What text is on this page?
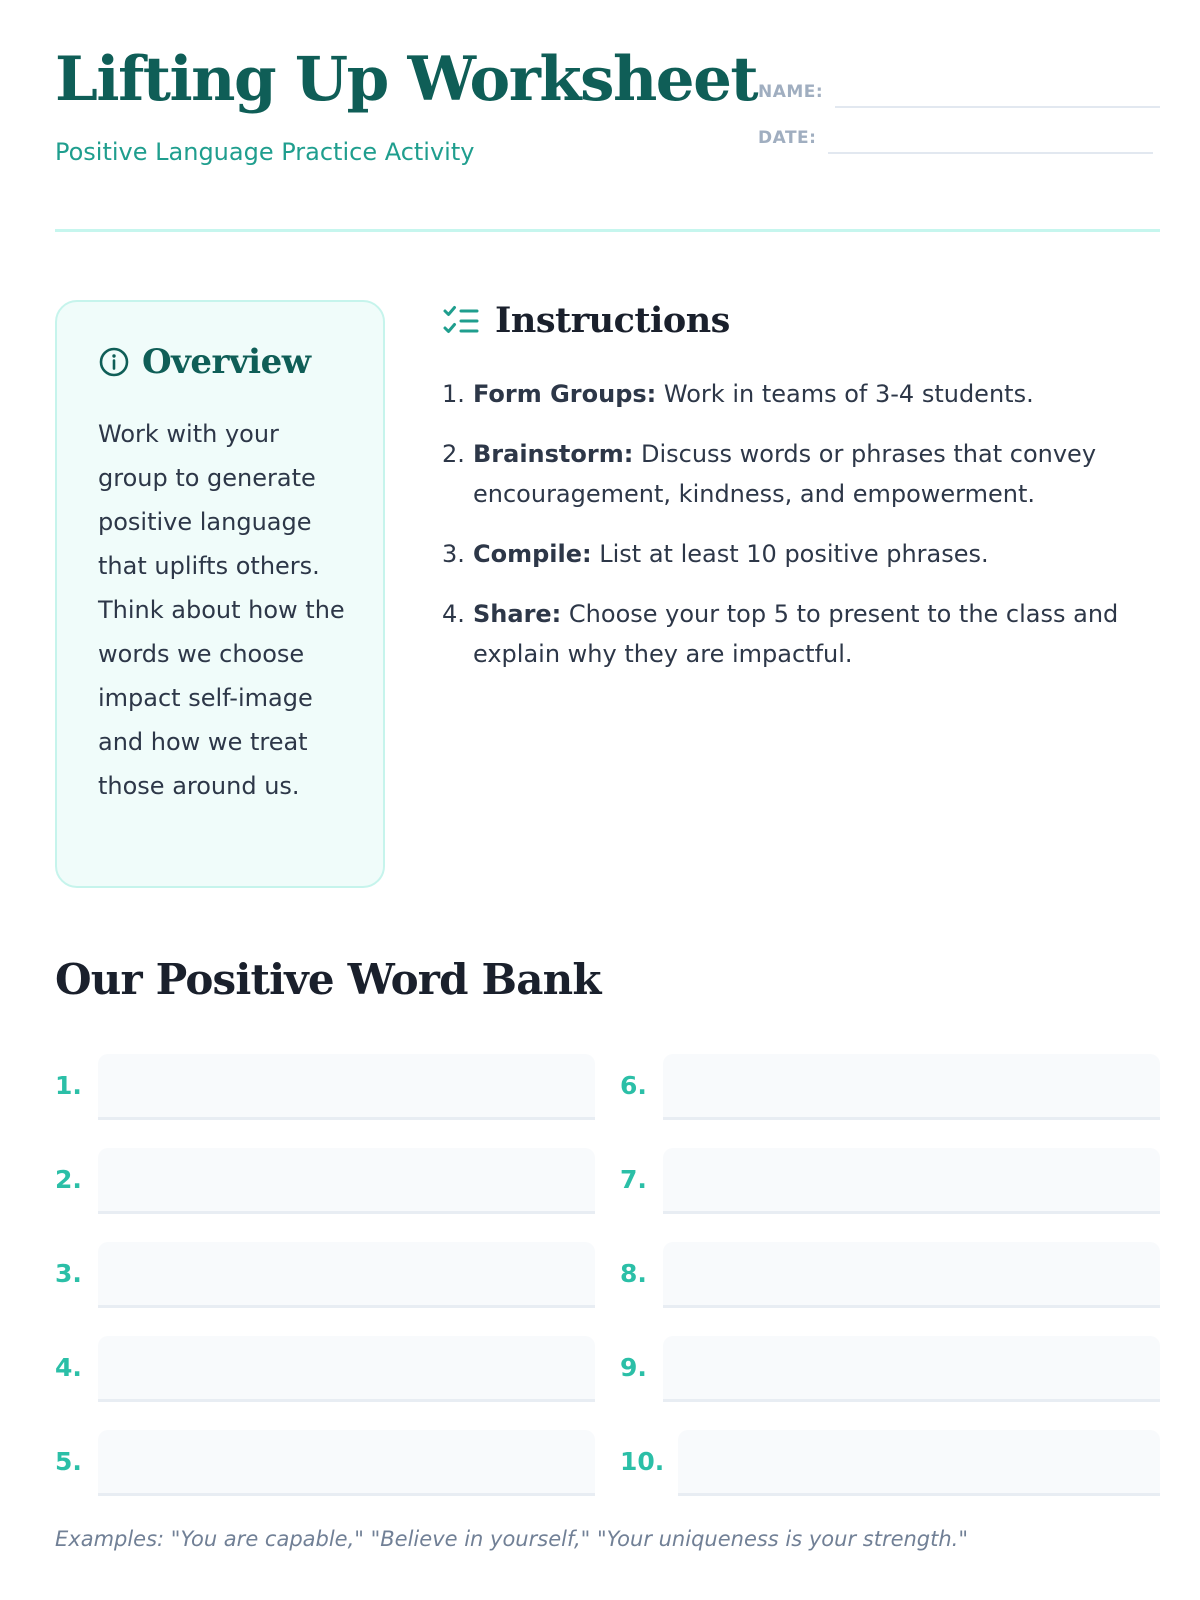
Lifting Up Worksheet
Positive Language Practice Activity
NAME:
DATE:
Overview

Work with your group to generate positive language that uplifts others. Think about how the words we choose impact self-image and how we treat those around us.

Instructions
1. Form Groups: Work in teams of 3-4 students.
2. Brainstorm: Discuss words or phrases that convey encouragement, kindness, and empowerment.
3. Compile: List at least 10 positive phrases.
4. Share: Choose your top 5 to present to the class and explain why they are impactful.
Our Positive Word Bank
1.
2.
3.
4.
5.
6.
7.
8.
9.
10.

Examples: "You are capable," "Believe in yourself," "Your uniqueness is your strength."
